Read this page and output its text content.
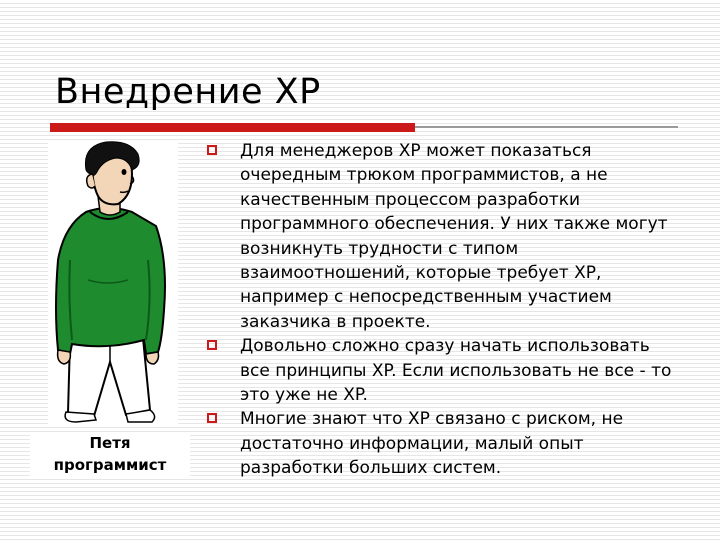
Внедрение XP
Петя
программист
Для менеджеров XP может показаться очередным трюком программистов, а не качественным процессом разработки программного обеспечения. У них также могут возникнуть трудности с типом взаимоотношений, которые требует XP, например с непосредственным участием заказчика в проекте.
Довольно сложно сразу начать использовать все принципы XP. Если использовать не все - то это уже не XP.
Многие знают что XP связано с риском, не достаточно информации, малый опыт разработки больших систем.
